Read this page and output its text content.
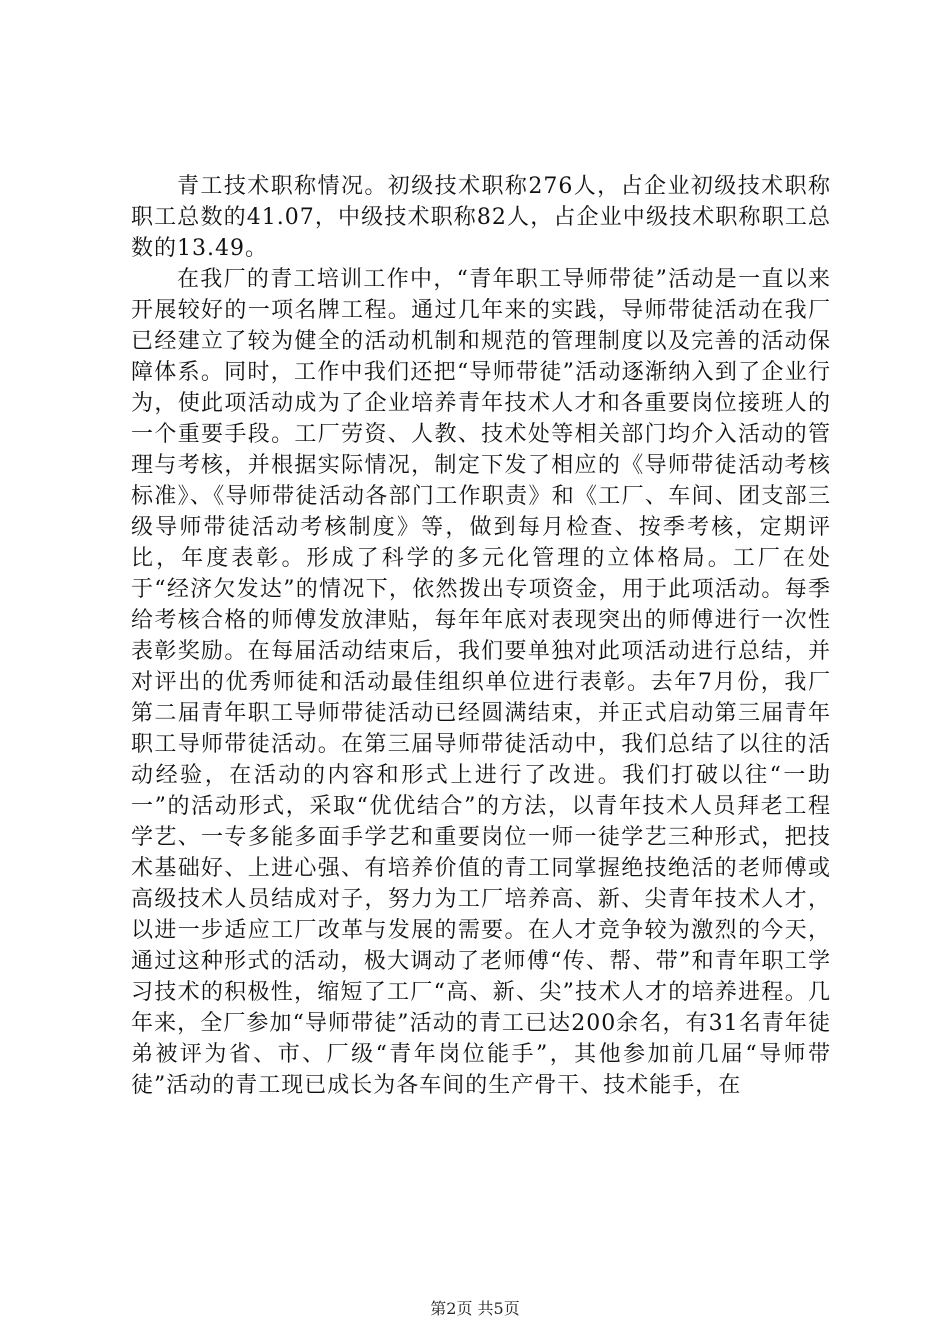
青工技术职称情况。初级技术职称276人，占企业初级技术职称职工总数的41.07，中级技术职称82人，占企业中级技术职称职工总数的13.49。

在我厂的青工培训工作中，“青年职工导师带徒”活动是一直以来开展较好的一项名牌工程。通过几年来的实践，导师带徒活动在我厂已经建立了较为健全的活动机制和规范的管理制度以及完善的活动保障体系。同时，工作中我们还把“导师带徒”活动逐渐纳入到了企业行为，使此项活动成为了企业培养青年技术人才和各重要岗位接班人的一个重要手段。工厂劳资、人教、技术处等相关部门均介入活动的管理与考核，并根据实际情况，制定下发了相应的《导师带徒活动考核标准》、《导师带徒活动各部门工作职责》和《工厂、车间、团支部三级导师带徒活动考核制度》等，做到每月检查、按季考核，定期评比，年度表彰。形成了科学的多元化管理的立体格局。工厂在处于“经济欠发达”的情况下，依然拨出专项资金，用于此项活动。每季给考核合格的师傅发放津贴，每年年底对表现突出的师傅进行一次性表彰奖励。在每届活动结束后，我们要单独对此项活动进行总结，并对评出的优秀师徒和活动最佳组织单位进行表彰。去年7月份，我厂第二届青年职工导师带徒活动已经圆满结束，并正式启动第三届青年职工导师带徒活动。在第三届导师带徒活动中，我们总结了以往的活动经验，在活动的内容和形式上进行了改进。我们打破以往“一助一”的活动形式，采取“优优结合”的方法，以青年技术人员拜老工程学艺、一专多能多面手学艺和重要岗位一师一徒学艺三种形式，把技术基础好、上进心强、有培养价值的青工同掌握绝技绝活的老师傅或高级技术人员结成对子，努力为工厂培养高、新、尖青年技术人才，以进一步适应工厂改革与发展的需要。在人才竞争较为激烈的今天，通过这种形式的活动，极大调动了老师傅“传、帮、带”和青年职工学习技术的积极性，缩短了工厂“高、新、尖”技术人才的培养进程。几年来，全厂参加“导师带徒”活动的青工已达200余名，有31名青年徒弟被评为省、市、厂级“青年岗位能手”，其他参加前几届“导师带徒”活动的青工现已成长为各车间的生产骨干、技术能手，在

第2页 共5页
